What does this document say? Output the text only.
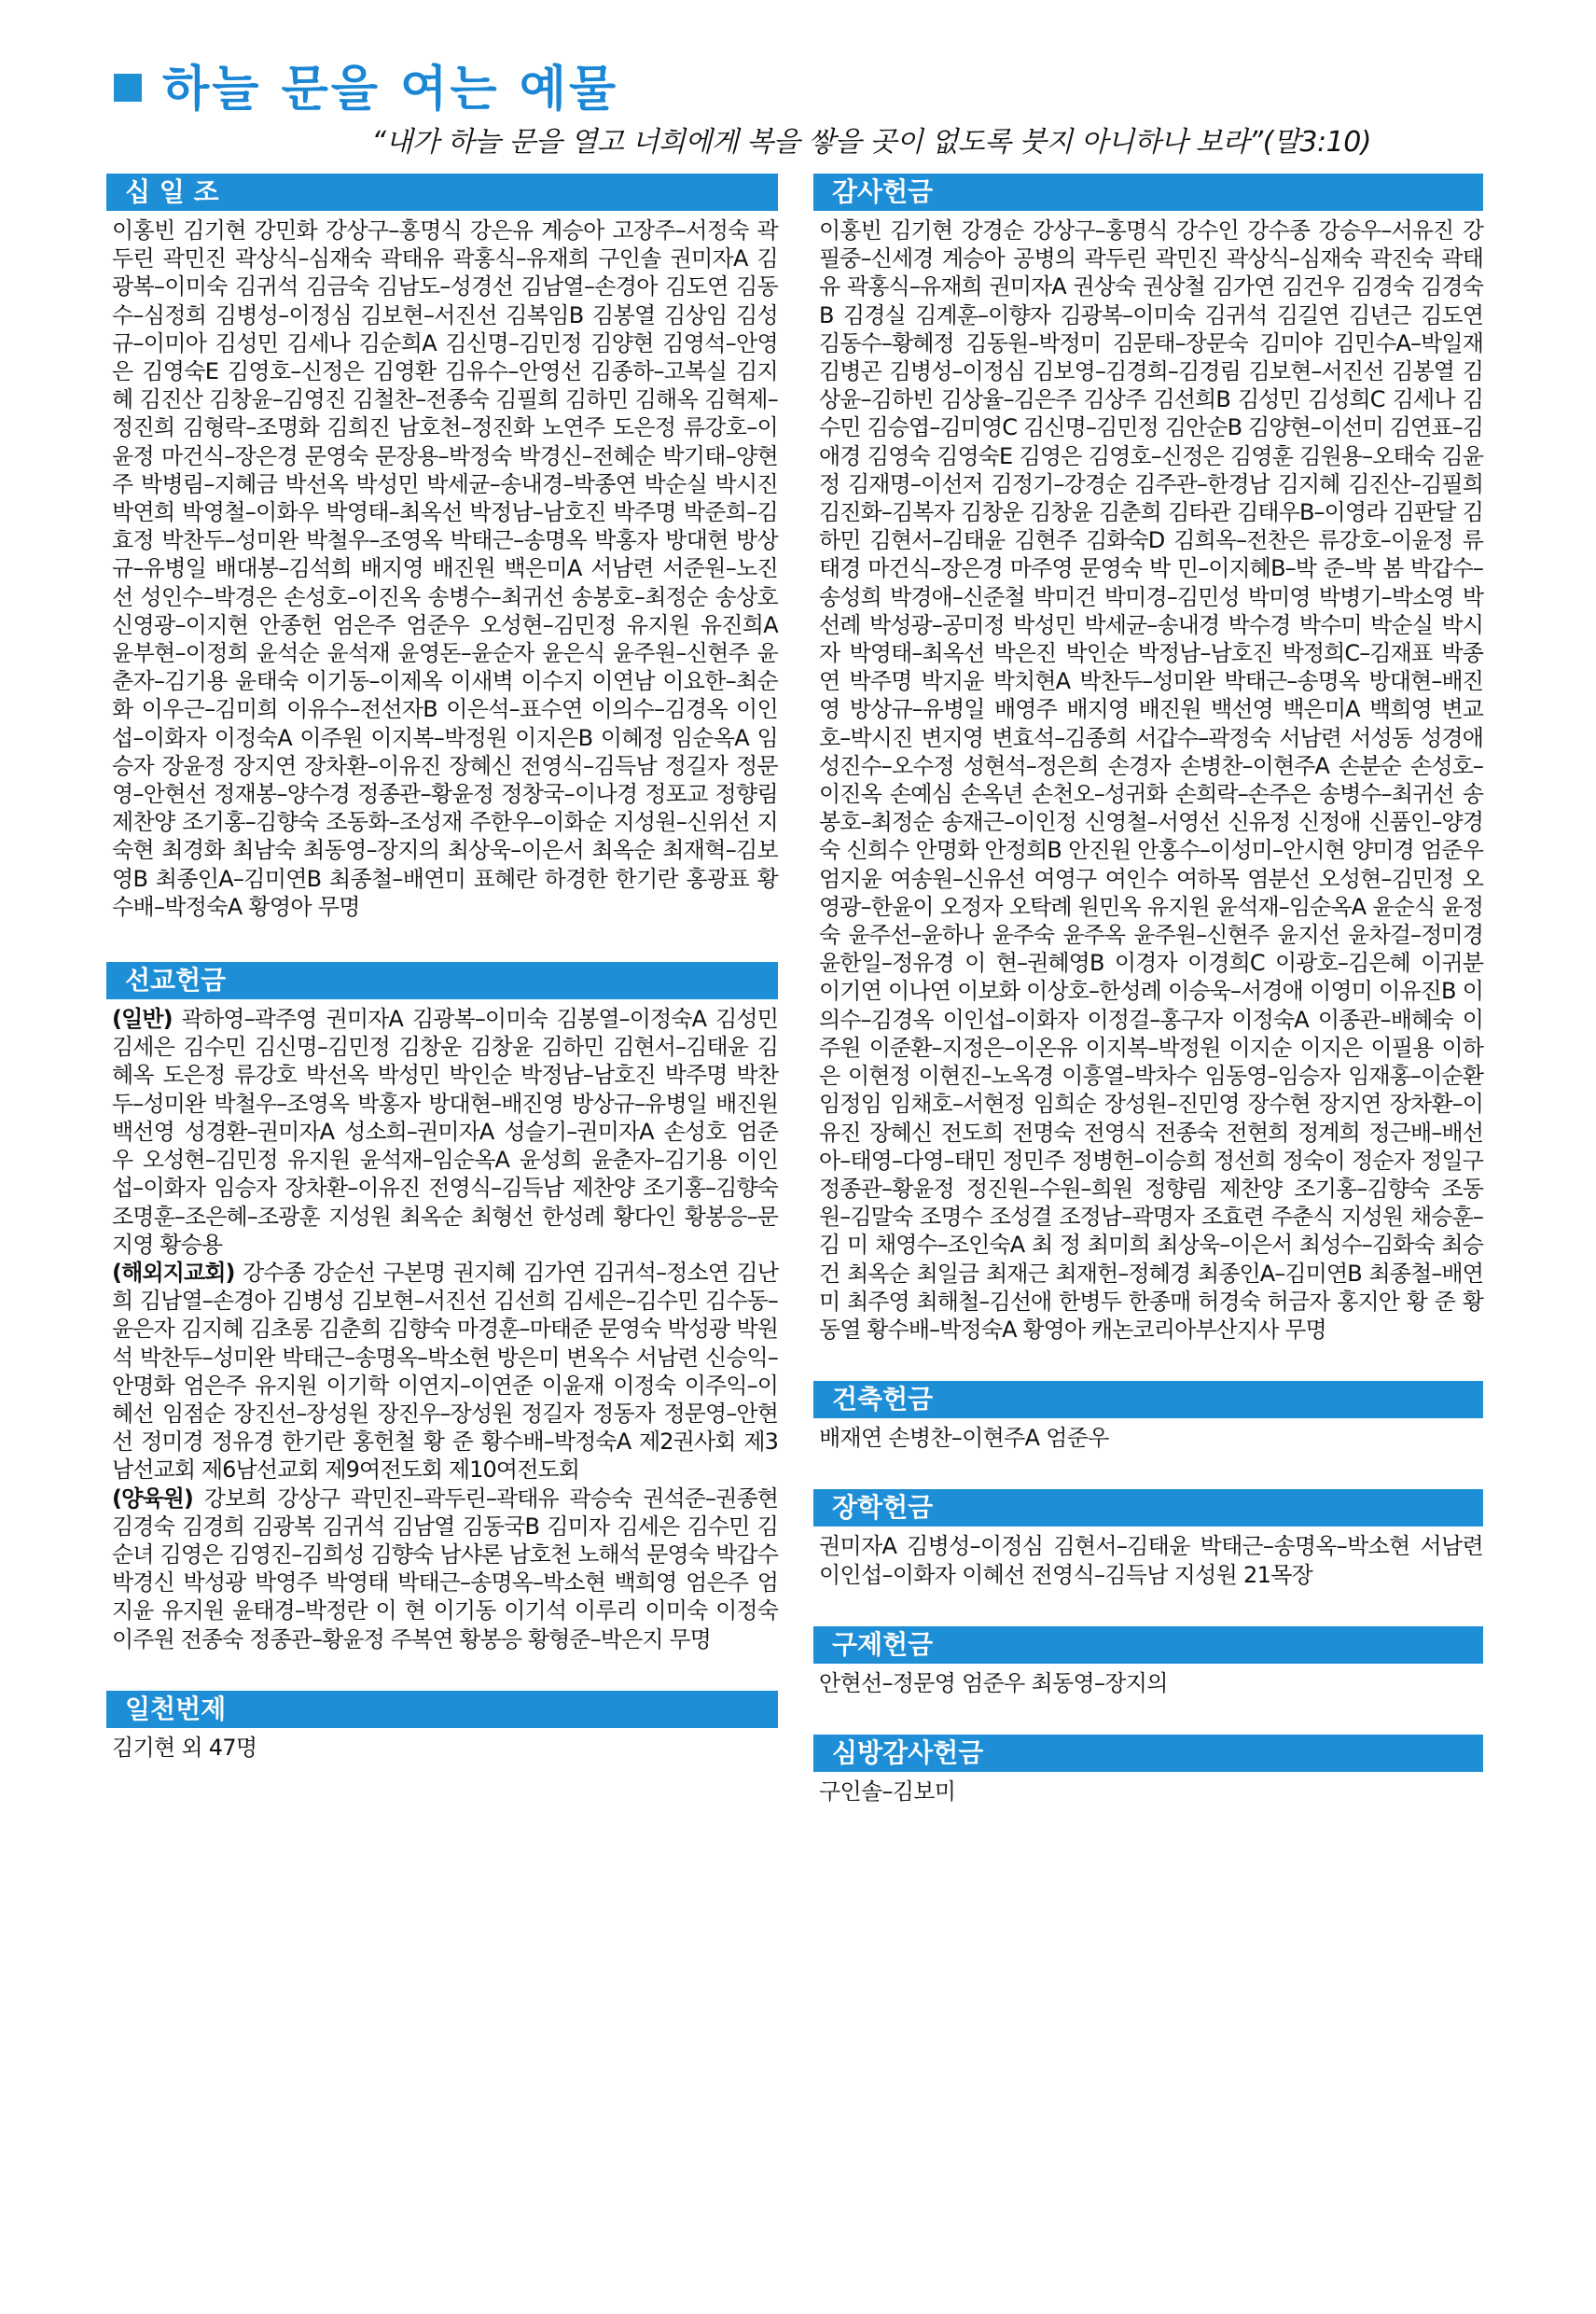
하늘 문을 여는 예물
“내가 하늘 문을 열고 너희에게 복을 쌓을 곳이 없도록 붓지 아니하나 보라”(말3:10)
십 일 조

이홍빈 김기현 강민화 강상구–홍명식 강은유 계승아 고장주–서정숙 곽두린 곽민진 곽상식–심재숙 곽태유 곽홍식–유재희 구인솔 권미자A 김광복–이미숙 김귀석 김금숙 김남도–성경선 김남열–손경아 김도연 김동수–심정희 김병성–이정심 김보현–서진선 김복임B 김봉열 김상임 김성규–이미아 김성민 김세나 김순희A 김신명–김민정 김양현 김영석–안영은 김영숙E 김영호–신정은 김영환 김유수–안영선 김종하–고복실 김지혜 김진산 김창윤–김영진 김철찬–전종숙 김필희 김하민 김해옥 김혁제–정진희 김형락–조명화 김희진 남호천–정진화 노연주 도은정 류강호–이윤정 마건식–장은경 문영숙 문장용–박정숙 박경신–전혜순 박기태–양현주 박병림–지혜금 박선옥 박성민 박세균–송내경–박종연 박순실 박시진 박연희 박영철–이화우 박영태–최옥선 박정남–남호진 박주명 박준희–김효정 박찬두–성미완 박철우–조영옥 박태근–송명옥 박홍자 방대현 방상규–유병일 배대봉–김석희 배지영 배진원 백은미A 서남련 서준원–노진선 성인수–박경은 손성호–이진옥 송병수–최귀선 송봉호–최정순 송상호 신영광–이지현 안종헌 엄은주 엄준우 오성현–김민정 유지원 유진희A 윤부현–이정희 윤석순 윤석재 윤영돈–윤순자 윤은식 윤주원–신현주 윤춘자–김기용 윤태숙 이기동–이제옥 이새벽 이수지 이연남 이요한–최순화 이우근–김미희 이유수–전선자B 이은석–표수연 이의수–김경옥 이인섭–이화자 이정숙A 이주원 이지복–박정원 이지은B 이혜정 임순옥A 임승자 장윤정 장지연 장차환–이유진 장혜신 전영식–김득남 정길자 정문영–안현선 정재봉–양수경 정종관–황윤정 정창국–이나경 정포교 정향림 제찬양 조기홍–김향숙 조동화–조성재 주한우–이화순 지성원–신위선 지숙현 최경화 최남숙 최동영–장지의 최상욱–이은서 최옥순 최재혁–김보영B 최종인A–김미연B 최종철–배연미 표혜란 하경한 한기란 홍광표 황수배–박정숙A 황영아 무명

선교헌금

(일반) 곽하영–곽주영 권미자A 김광복–이미숙 김봉열–이정숙A 김성민 김세은 김수민 김신명–김민정 김창운 김창윤 김하민 김현서–김태윤 김혜옥 도은정 류강호 박선옥 박성민 박인순 박정남–남호진 박주명 박찬두–성미완 박철우–조영옥 박홍자 방대현–배진영 방상규–유병일 배진원 백선영 성경환–권미자A 성소희–권미자A 성슬기–권미자A 손성호 엄준우 오성현–김민정 유지원 윤석재–임순옥A 윤성희 윤춘자–김기용 이인섭–이화자 임승자 장차환–이유진 전영식–김득남 제찬양 조기홍–김향숙 조명훈–조은혜–조광훈 지성원 최옥순 최형선 한성례 황다인 황봉응–문지영 황승용

(해외지교회) 강수종 강순선 구본명 권지혜 김가연 김귀석–정소연 김난희 김남열–손경아 김병성 김보현–서진선 김선희 김세은–김수민 김수동–윤은자 김지혜 김초롱 김춘희 김향숙 마경훈–마태준 문영숙 박성광 박원석 박찬두–성미완 박태근–송명옥–박소현 방은미 변옥수 서남련 신승익–안명화 엄은주 유지원 이기학 이연지–이연준 이윤재 이정숙 이주익–이혜선 임점순 장진선–장성원 장진우–장성원 정길자 정동자 정문영–안현선 정미경 정유경 한기란 홍헌철 황 준 황수배–박정숙A 제2권사회 제3남선교회 제6남선교회 제9여전도회 제10여전도회

(양육원) 강보희 강상구 곽민진–곽두린–곽태유 곽승숙 권석준–권종현 김경숙 김경희 김광복 김귀석 김남열 김동국B 김미자 김세은 김수민 김순녀 김영은 김영진–김희성 김향숙 남샤론 남호천 노해석 문영숙 박갑수 박경신 박성광 박영주 박영태 박태근–송명옥–박소현 백희영 엄은주 엄지윤 유지원 윤태경–박정란 이 현 이기동 이기석 이루리 이미숙 이정숙 이주원 전종숙 정종관–황윤정 주복연 황봉응 황형준–박은지 무명

일천번제

김기현 외 47명

감사헌금

이홍빈 김기현 강경순 강상구–홍명식 강수인 강수종 강승우–서유진 강필중–신세경 계승아 공병의 곽두린 곽민진 곽상식–심재숙 곽진숙 곽태유 곽홍식–유재희 권미자A 권상숙 권상철 김가연 김건우 김경숙 김경숙B 김경실 김계훈–이향자 김광복–이미숙 김귀석 김길연 김년근 김도연 김동수–황혜정 김동원–박정미 김문태–장문숙 김미야 김민수A–박일재 김병곤 김병성–이정심 김보영–김경희–김경림 김보현–서진선 김봉열 김상윤–김하빈 김상율–김은주 김상주 김선희B 김성민 김성희C 김세나 김수민 김승엽–김미영C 김신명–김민정 김안순B 김양현–이선미 김연표–김애경 김영숙 김영숙E 김영은 김영호–신정은 김영훈 김원용–오태숙 김윤정 김재명–이선저 김정기–강경순 김주관–한경남 김지혜 김진산–김필희 김진화–김복자 김창운 김창윤 김춘희 김타관 김태우B–이영라 김판달 김하민 김현서–김태윤 김현주 김화숙D 김희옥–전찬은 류강호–이윤정 류태경 마건식–장은경 마주영 문영숙 박 민–이지혜B–박 준–박 봄 박갑수–송성희 박경애–신준철 박미건 박미경–김민성 박미영 박병기–박소영 박선례 박성광–공미정 박성민 박세균–송내경 박수경 박수미 박순실 박시자 박영태–최옥선 박은진 박인순 박정남–남호진 박정희C–김재표 박종연 박주명 박지윤 박치현A 박찬두–성미완 박태근–송명옥 방대현–배진영 방상규–유병일 배영주 배지영 배진원 백선영 백은미A 백희영 변교호–박시진 변지영 변효석–김종희 서갑수–곽정숙 서남련 서성동 성경애 성진수–오수정 성현석–정은희 손경자 손병찬–이현주A 손분순 손성호–이진옥 손예심 손옥년 손천오–성귀화 손희락–손주은 송병수–최귀선 송봉호–최정순 송재근–이인정 신영철–서영선 신유정 신정애 신품인–양경숙 신희수 안명화 안정희B 안진원 안홍수–이성미–안시현 양미경 엄준우 엄지윤 여송원–신유선 여영구 여인수 여하목 염분선 오성현–김민정 오영광–한윤이 오정자 오탁례 원민옥 유지원 윤석재–임순옥A 윤순식 윤정숙 윤주선–윤하나 윤주숙 윤주옥 윤주원–신현주 윤지선 윤차걸–정미경 윤한일–정유경 이 현–권혜영B 이경자 이경희C 이광호–김은혜 이귀분 이기연 이나연 이보화 이상호–한성례 이승욱–서경애 이영미 이유진B 이의수–김경옥 이인섭–이화자 이정걸–홍구자 이정숙A 이종관–배혜숙 이주원 이준환–지정은–이온유 이지복–박정원 이지순 이지은 이필용 이하은 이현정 이현진–노옥경 이흥열–박차수 임동영–임승자 임재홍–이순환 임정임 임채호–서현정 임희순 장성원–진민영 장수현 장지연 장차환–이유진 장혜신 전도희 전명숙 전영식 전종숙 전현희 정계희 정근배–배선아–태영–다영–태민 정민주 정병헌–이승희 정선희 정숙이 정순자 정일구 정종관–황윤정 정진원–수원–희원 정향림 제찬양 조기홍–김향숙 조동원–김말숙 조명수 조성결 조정남–곽명자 조효련 주춘식 지성원 채승훈–김 미 채영수–조인숙A 최 정 최미희 최상욱–이은서 최성수–김화숙 최승건 최옥순 최일금 최재근 최재헌–정혜경 최종인A–김미연B 최종철–배연미 최주영 최해철–김선애 한병두 한종매 허경숙 허금자 홍지안 황 준 황동열 황수배–박정숙A 황영아 캐논코리아부산지사 무명

건축헌금

배재연 손병찬–이현주A 엄준우

장학헌금

권미자A 김병성–이정심 김현서–김태윤 박태근–송명옥–박소현 서남련 이인섭–이화자 이혜선 전영식–김득남 지성원 21목장

구제헌금

안현선–정문영 엄준우 최동영–장지의

심방감사헌금

구인솔–김보미
